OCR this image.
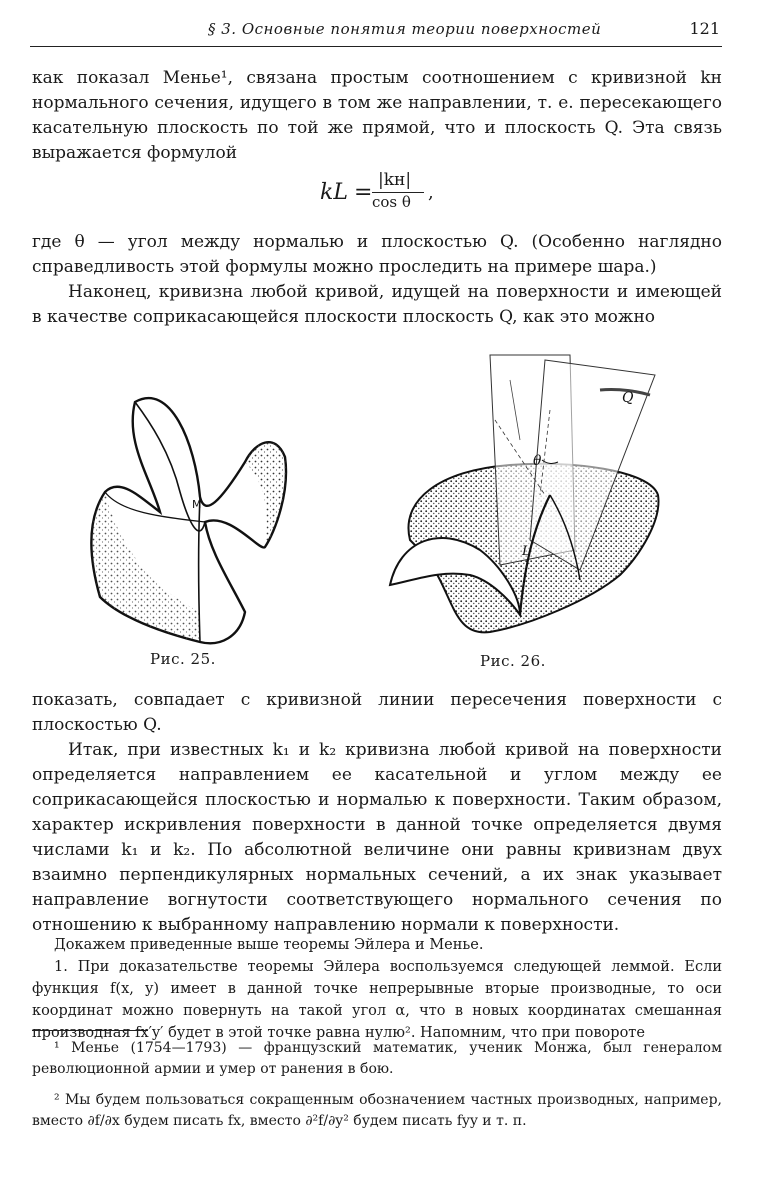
§ 3. Основные понятия теории поверхностей	121

как показал Менье¹, связана простым соотношением с кривизной kн нормального сечения, идущего в том же направлении, т. е. пересекающего касательную плоскость по той же прямой, что и плоскость Q. Эта связь выражается формулой

kL = |kн|
cos θ ,

где θ — угол между нормалью и плоскостью Q. (Особенно наглядно справедливость этой формулы можно проследить на примере шара.)

Наконец, кривизна любой кривой, идущей на поверхности и имеющей в качестве соприкасающейся плоскости плоскость Q, как это можно

M
Рис. 25.
Q
θ
L
Рис. 26.

показать, совпадает с кривизной линии пересечения поверхности с плоскостью Q.

Итак, при известных k₁ и k₂ кривизна любой кривой на поверхности определяется направлением ее касательной и углом между ее соприкасающейся плоскостью и нормалью к поверхности. Таким образом, характер искривления поверхности в данной точке определяется двумя числами k₁ и k₂. По абсолютной величине они равны кривизнам двух взаимно перпендикулярных нормальных сечений, а их знак указывает направление вогнутости соответствующего нормального сечения по отношению к выбранному направлению нормали к поверхности.

Докажем приведенные выше теоремы Эйлера и Менье.

1. При доказательстве теоремы Эйлера воспользуемся следующей леммой. Если функция f(x, y) имеет в данной точке непрерывные вторые производные, то оси координат можно повернуть на такой угол α, что в новых координатах смешанная производная fx′y′ будет в этой точке равна нулю². Напомним, что при повороте

¹ Менье (1754—1793) — французский математик, ученик Монжа, был генералом революционной армии и умер от ранения в бою.

² Мы будем пользоваться сокращенным обозначением частных производных, например, вместо ∂f/∂x будем писать fx, вместо ∂²f/∂y² будем писать fyy и т. п.
